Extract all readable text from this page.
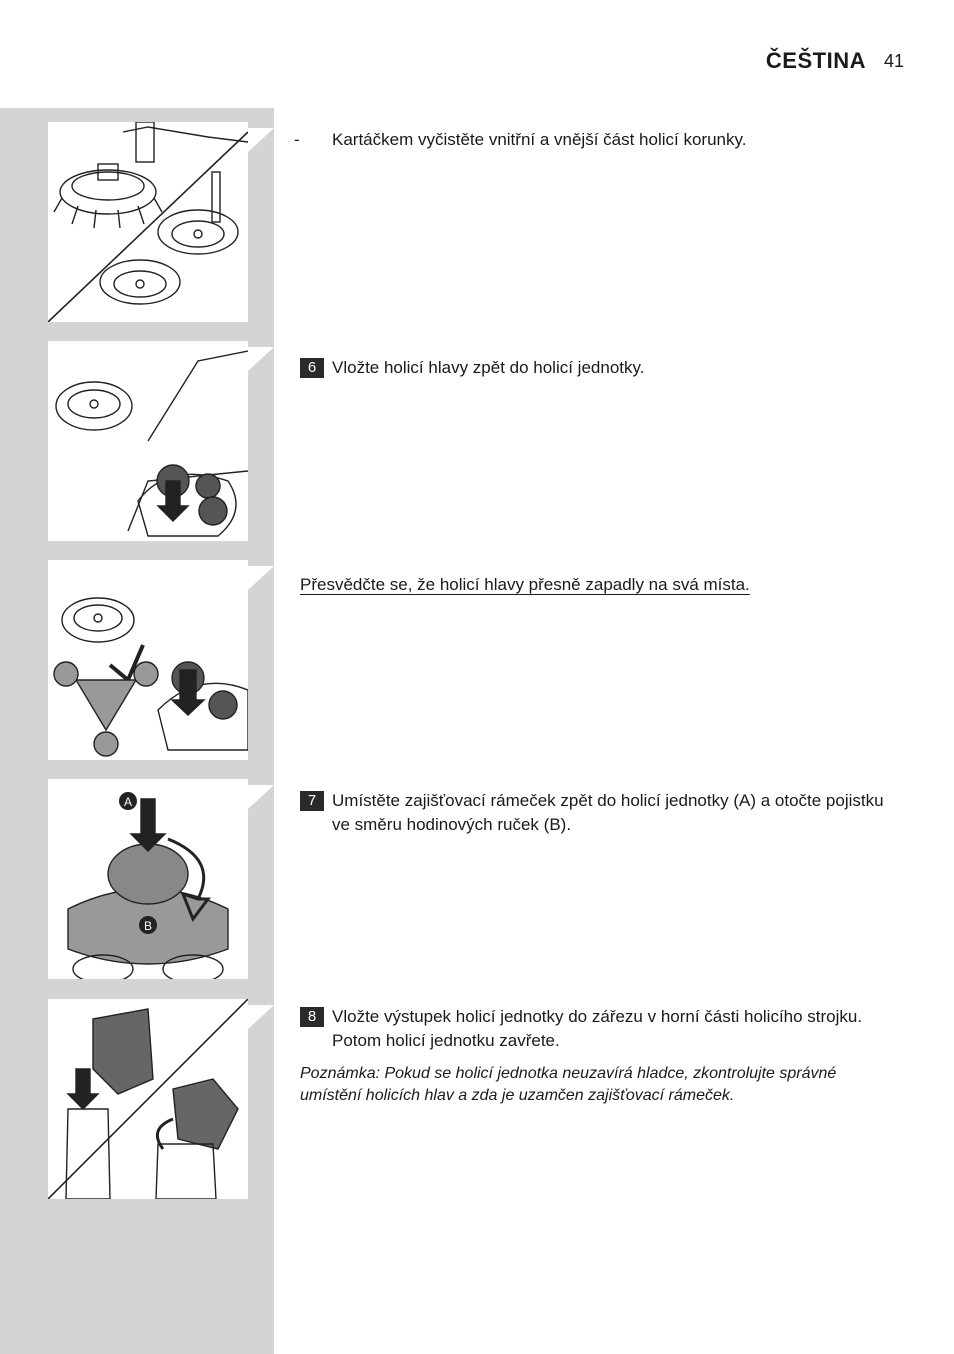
ČEŠTINA 41
A
B
- Kartáčkem vyčistěte vnitřní a vnější část holicí korunky.
6 Vložte holicí hlavy zpět do holicí jednotky.
Přesvědčte se, že holicí hlavy přesně zapadly na svá místa.
7 Umístěte zajišťovací rámeček zpět do holicí jednotky (A) a otočte pojistku ve směru hodinových ruček (B).
8 Vložte výstupek holicí jednotky do zářezu v horní části holicího strojku. Potom holicí jednotku zavřete.
Poznámka: Pokud se holicí jednotka neuzavírá hladce, zkontrolujte správné umístění holicích hlav a zda je uzamčen zajišťovací rámeček.
